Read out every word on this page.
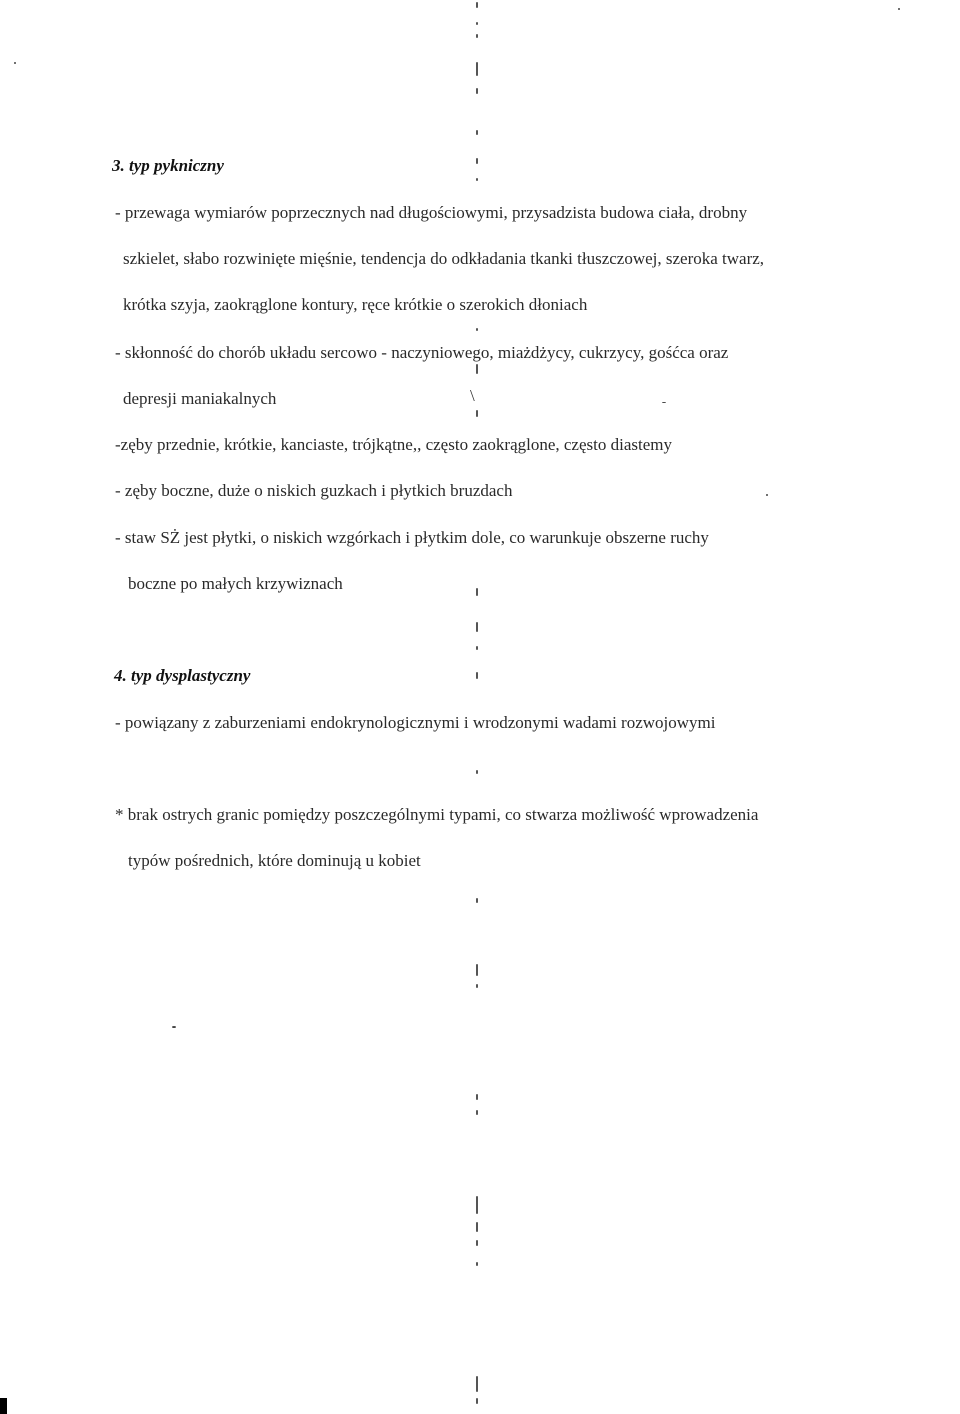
3. typ pykniczny
- przewaga wymiarów poprzecznych nad długościowymi, przysadzista budowa ciała, drobny
szkielet, słabo rozwinięte mięśnie, tendencja do odkładania tkanki tłuszczowej, szeroka twarz,
krótka szyja, zaokrąglone kontury, ręce krótkie o szerokich dłoniach
- skłonność do chorób układu sercowo - naczyniowego, miażdżycy, cukrzycy, gośćca oraz
depresji maniakalnych	\
-zęby przednie, krótkie, kanciaste, trójkątne,, często zaokrąglone, często diastemy
- zęby boczne, duże o niskich guzkach i płytkich bruzdach
- staw SŻ jest płytki, o niskich wzgórkach i płytkim dole, co warunkuje obszerne ruchy
boczne po małych krzywiznach
4. typ dysplastyczny
- powiązany z zaburzeniami endokrynologicznymi i wrodzonymi wadami rozwojowymi
* brak ostrych granic pomiędzy poszczególnymi typami, co stwarza możliwość wprowadzenia
typów pośrednich, które dominują u kobiet
